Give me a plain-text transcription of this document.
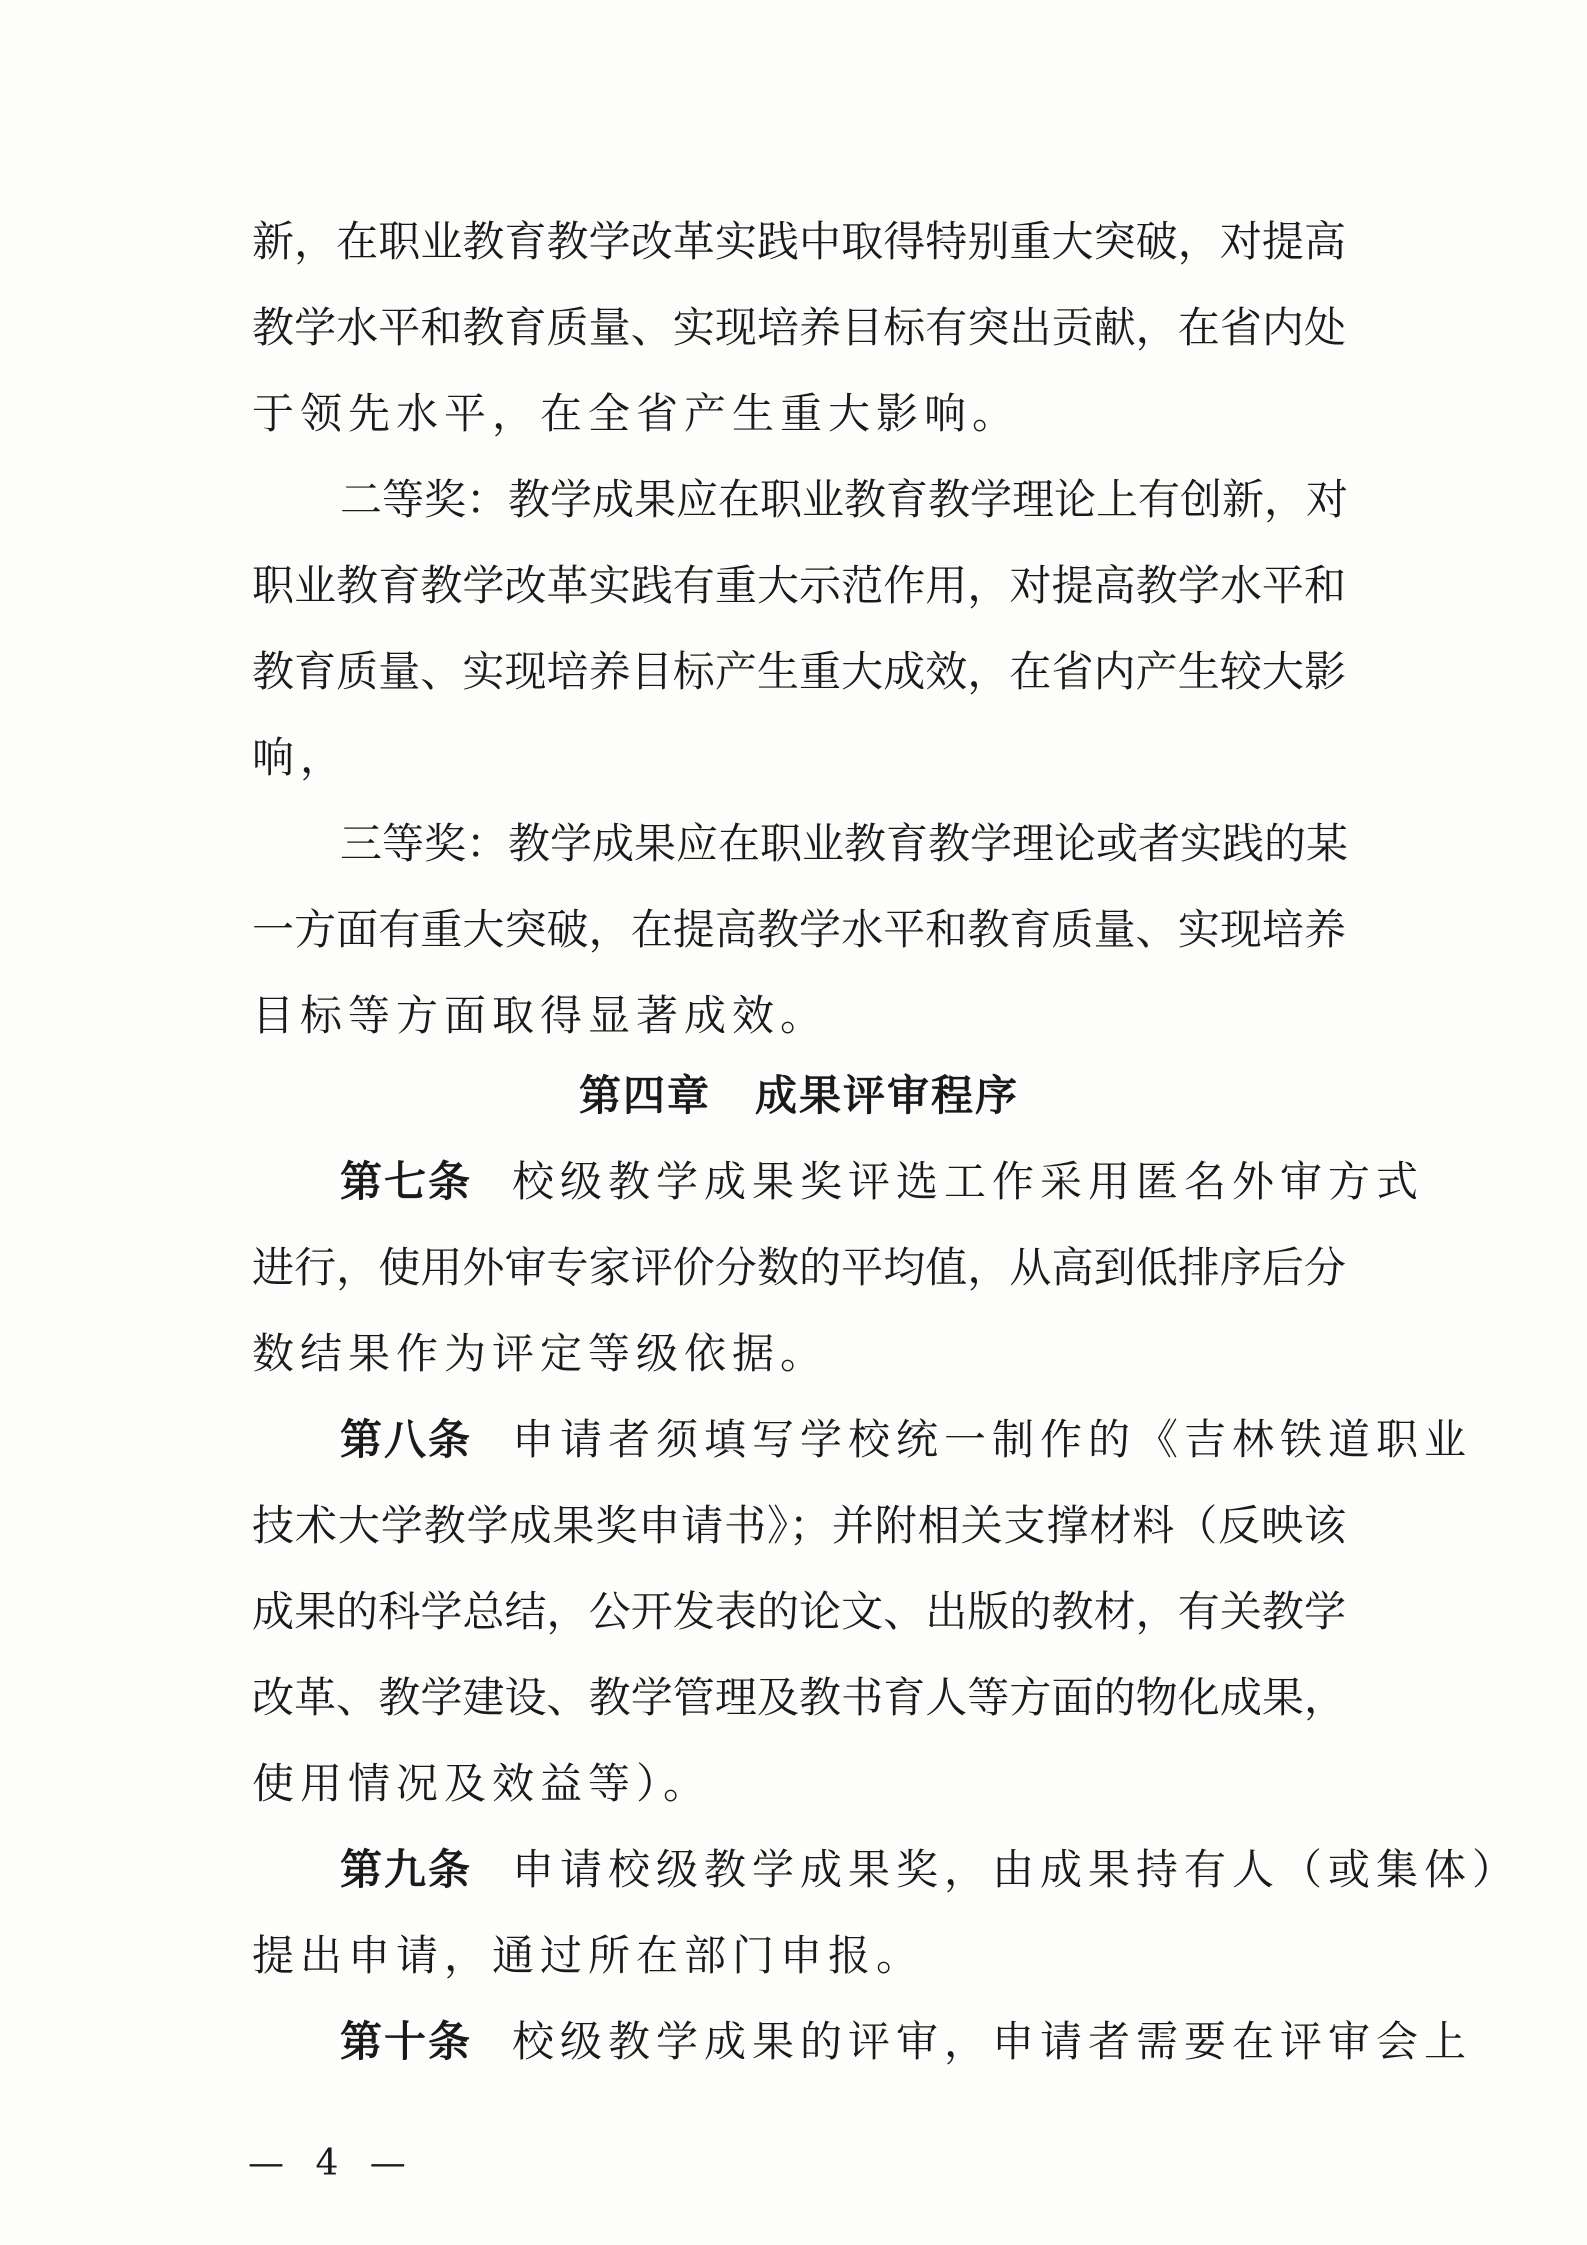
新，在职业教育教学改革实践中取得特别重大突破，对提高
教学水平和教育质量、实现培养目标有突出贡献，在省内处
于领先水平，在全省产生重大影响。
二等奖：教学成果应在职业教育教学理论上有创新，对
职业教育教学改革实践有重大示范作用，对提高教学水平和
教育质量、实现培养目标产生重大成效，在省内产生较大影
响，
三等奖：教学成果应在职业教育教学理论或者实践的某
一方面有重大突破，在提高教学水平和教育质量、实现培养
目标等方面取得显著成效。
第七条 校级教学成果奖评选工作采用匿名外审方式
进行，使用外审专家评价分数的平均值，从高到低排序后分
数结果作为评定等级依据。
第八条 申请者须填写学校统一制作的《吉林铁道职业
技术大学教学成果奖申请书》；并附相关支撑材料（反映该
成果的科学总结，公开发表的论文、出版的教材，有关教学
改革、教学建设、教学管理及教书育人等方面的物化成果，
使用情况及效益等）。
第九条 申请校级教学成果奖，由成果持有人（或集体）
提出申请，通过所在部门申报。
第十条 校级教学成果的评审，申请者需要在评审会上
第四章 成果评审程序
— 4 —
